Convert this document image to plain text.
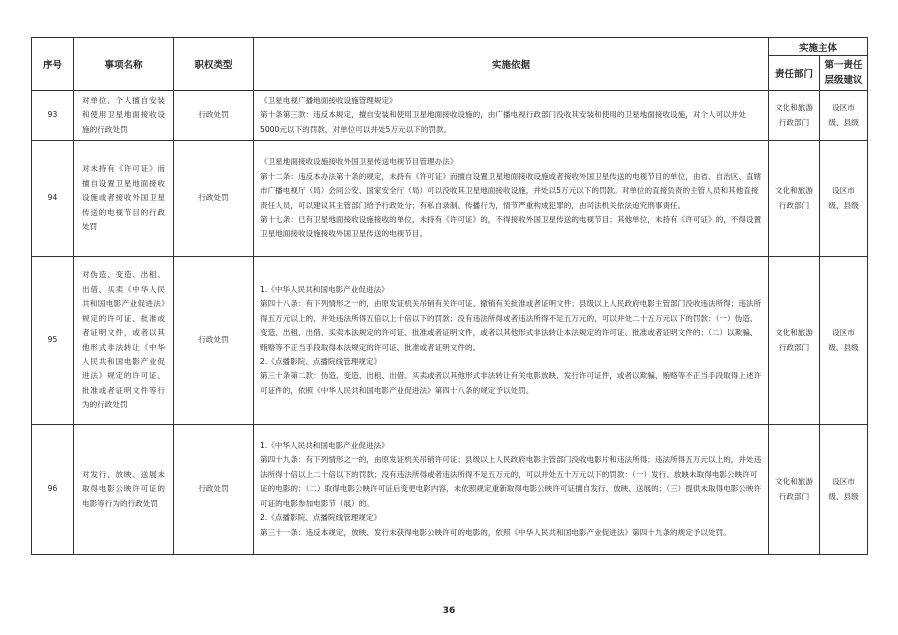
序号	事项名称	职权类型	实施依据	实施主体	
				责任部门	第一责任层级建议
93	对单位、个人擅自安装和使用卫星地面接收设施的行政处罚	行政处罚	《卫星电视广播地面接收设施管理规定》
第十条第三款：违反本规定，擅自安装和使用卫星地面接收设施的，由广播电视行政部门没收其安装和使用的卫星地面接收设施，对个人可以并处5000元以下的罚款，对单位可以并处5万元以下的罚款。	文化和旅游行政部门	设区市级、县级
94	对未持有《许可证》而擅自设置卫星地面接收设施或者接收外国卫星传送的电视节目的行政处罚	行政处罚	《卫星地面接收设施接收外国卫星传送电视节目管理办法》
第十二条：违反本办法第十条的规定，未持有《许可证》而擅自设置卫星地面接收设施或者接收外国卫星传送的电视节目的单位，由省、自治区、直辖市广播电视厅（局）会同公安、国家安全厅（局）可以没收其卫星地面接收设施，并处以5万元以下的罚款。对单位的直接负责的主管人员和其他直接责任人员，可以建议其主管部门给予行政处分；有私自录制、传播行为，情节严重构成犯罪的，由司法机关依法追究刑事责任。
第十七条：已有卫星地面接收设施接收的单位，未持有《许可证》的，不得接收外国卫星传送的电视节目；其他单位，未持有《许可证》的，不得设置卫星地面接收设施接收外国卫星传送的电视节目。	文化和旅游行政部门	设区市级、县级
95	对伪造、变造、出租、出借、买卖《中华人民共和国电影产业促进法》规定的许可证、批准或者证明文件，或者以其他形式非法转让《中华人民共和国电影产业促进法》规定的许可证、批准或者证明文件等行为的行政处罚	行政处罚	1.《中华人民共和国电影产业促进法》
第四十八条：有下列情形之一的，由原发证机关吊销有关许可证、撤销有关批准或者证明文件；县级以上人民政府电影主管部门没收违法所得；违法所得五万元以上的，并处违法所得五倍以上十倍以下的罚款；没有违法所得或者违法所得不足五万元的，可以并处二十五万元以下的罚款：（一）伪造、变造、出租、出借、买卖本法规定的许可证、批准或者证明文件，或者以其他形式非法转让本法规定的许可证、批准或者证明文件的；（二）以欺骗、贿赂等不正当手段取得本法规定的许可证、批准或者证明文件的。
2.《点播影院、点播院线管理规定》
第三十条第二款：伪造、变造、出租、出借、买卖或者以其他形式非法转让有关电影放映、发行许可证件，或者以欺骗、贿赂等不正当手段取得上述许可证件的，依照《中华人民共和国电影产业促进法》第四十八条的规定予以处罚。	文化和旅游行政部门	设区市级、县级
96	对发行、放映、送展未取得电影公映许可证的电影等行为的行政处罚	行政处罚	1.《中华人民共和国电影产业促进法》
第四十九条：有下列情形之一的，由原发证机关吊销许可证；县级以上人民政府电影主管部门没收电影片和违法所得；违法所得五万元以上的，并处违法所得十倍以上二十倍以下的罚款；没有违法所得或者违法所得不足五万元的，可以并处五十万元以下的罚款：（一）发行、放映未取得电影公映许可证的电影的；（二）取得电影公映许可证后变更电影内容，未依照规定重新取得电影公映许可证擅自发行、放映、送展的；（三）提供未取得电影公映许可证的电影参加电影节（展）的。
2.《点播影院、点播院线管理规定》
第三十一条：违反本规定，放映、发行未获得电影公映许可的电影的，依照《中华人民共和国电影产业促进法》第四十九条的规定予以处罚。	文化和旅游行政部门	设区市级、县级
36
